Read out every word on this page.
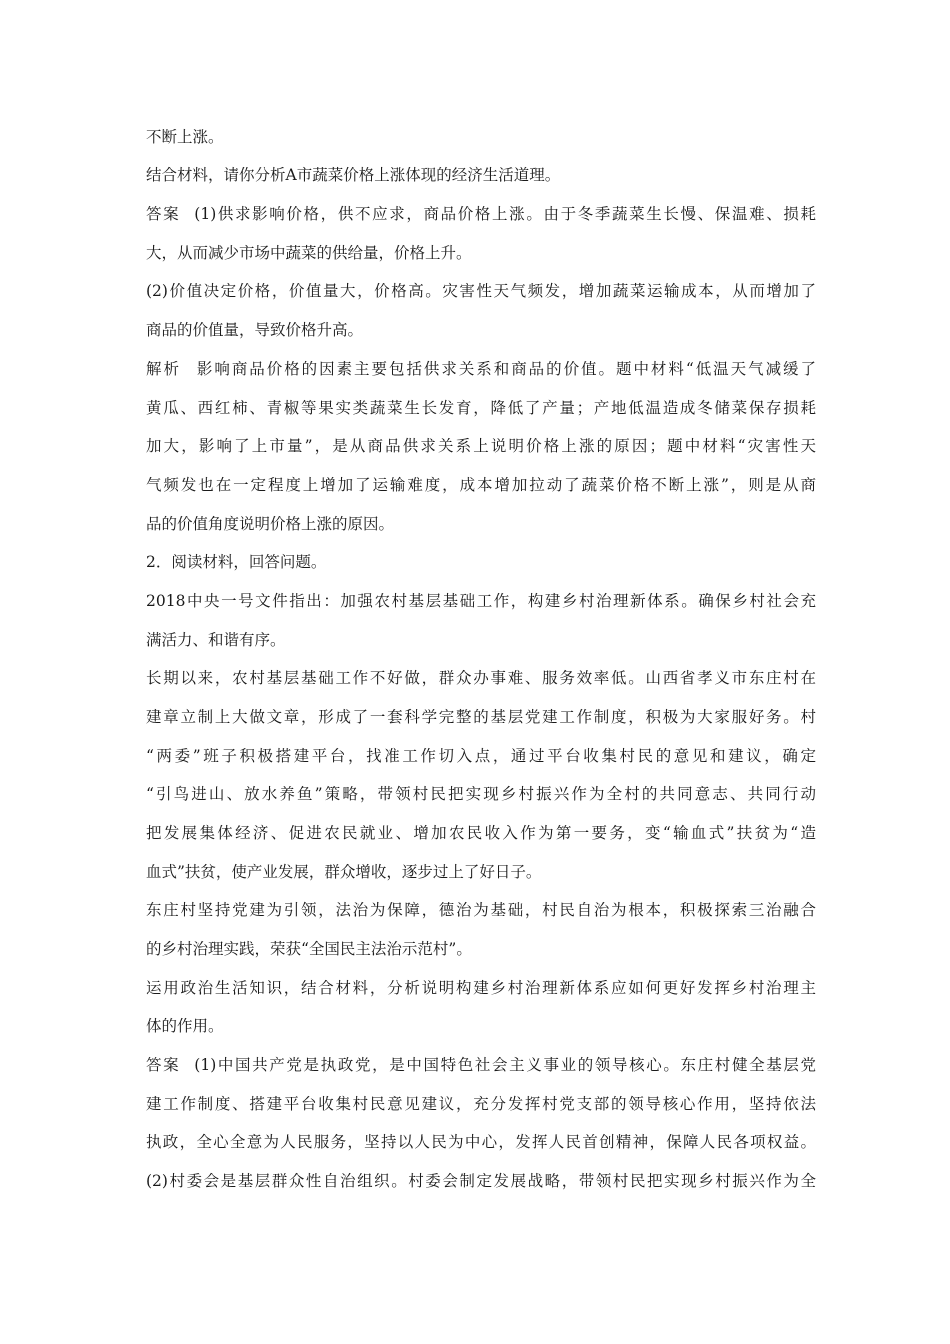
不断上涨。
结合材料，请你分析A市蔬菜价格上涨体现的经济生活道理。
答案 (1)供求影响价格，供不应求，商品价格上涨。由于冬季蔬菜生长慢、保温难、损耗
大，从而减少市场中蔬菜的供给量，价格上升。
(2)价值决定价格，价值量大，价格高。灾害性天气频发，增加蔬菜运输成本，从而增加了
商品的价值量，导致价格升高。
解析 影响商品价格的因素主要包括供求关系和商品的价值。题中材料“低温天气减缓了
黄瓜、西红柿、青椒等果实类蔬菜生长发育，降低了产量；产地低温造成冬储菜保存损耗
加大，影响了上市量”，是从商品供求关系上说明价格上涨的原因；题中材料“灾害性天
气频发也在一定程度上增加了运输难度，成本增加拉动了蔬菜价格不断上涨”，则是从商
品的价值角度说明价格上涨的原因。
2．阅读材料，回答问题。
2018中央一号文件指出：加强农村基层基础工作，构建乡村治理新体系。确保乡村社会充
满活力、和谐有序。
长期以来，农村基层基础工作不好做，群众办事难、服务效率低。山西省孝义市东庄村在
建章立制上大做文章，形成了一套科学完整的基层党建工作制度，积极为大家服好务。村
“两委”班子积极搭建平台，找准工作切入点，通过平台收集村民的意见和建议，确定
“引鸟进山、放水养鱼”策略，带领村民把实现乡村振兴作为全村的共同意志、共同行动
把发展集体经济、促进农民就业、增加农民收入作为第一要务，变“输血式”扶贫为“造
血式”扶贫，使产业发展，群众增收，逐步过上了好日子。
东庄村坚持党建为引领，法治为保障，德治为基础，村民自治为根本，积极探索三治融合
的乡村治理实践，荣获“全国民主法治示范村”。
运用政治生活知识，结合材料，分析说明构建乡村治理新体系应如何更好发挥乡村治理主
体的作用。
答案 (1)中国共产党是执政党，是中国特色社会主义事业的领导核心。东庄村健全基层党
建工作制度、搭建平台收集村民意见建议，充分发挥村党支部的领导核心作用，坚持依法
执政，全心全意为人民服务，坚持以人民为中心，发挥人民首创精神，保障人民各项权益。
(2)村委会是基层群众性自治组织。村委会制定发展战略，带领村民把实现乡村振兴作为全
